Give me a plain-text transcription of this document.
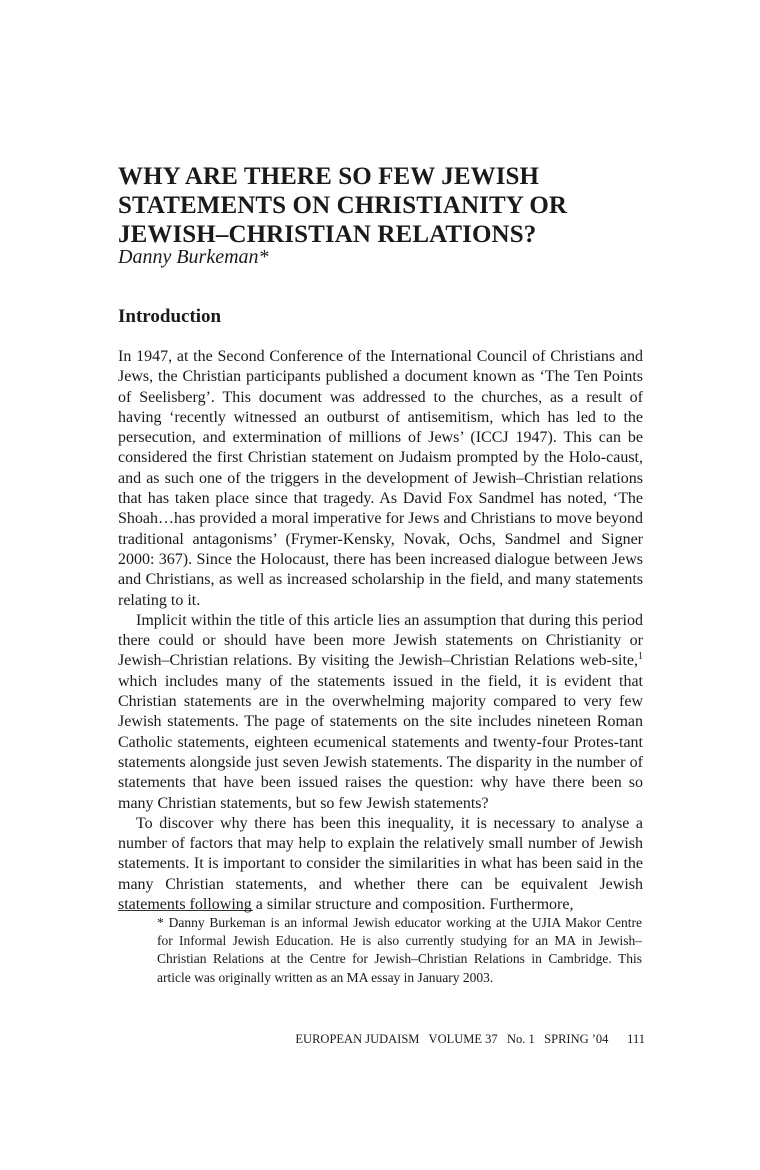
WHY ARE THERE SO FEW JEWISH
STATEMENTS ON CHRISTIANITY OR
JEWISH–CHRISTIAN RELATIONS?
Danny Burkeman*
Introduction

In 1947, at the Second Conference of the International Council of Christians and Jews, the Christian participants published a document known as ‘The Ten Points of Seelisberg’. This document was addressed to the churches, as a result of having ‘recently witnessed an outburst of antisemitism, which has led to the persecution, and extermination of millions of Jews’ (ICCJ 1947). This can be considered the first Christian statement on Judaism prompted by the Holo-caust, and as such one of the triggers in the development of Jewish–Christian relations that has taken place since that tragedy. As David Fox Sandmel has noted, ‘The Shoah…has provided a moral imperative for Jews and Christians to move beyond traditional antagonisms’ (Frymer-Kensky, Novak, Ochs, Sandmel and Signer 2000: 367). Since the Holocaust, there has been increased dialogue between Jews and Christians, as well as increased scholarship in the field, and many statements relating to it.

Implicit within the title of this article lies an assumption that during this period there could or should have been more Jewish statements on Christianity or Jewish–Christian relations. By visiting the Jewish–Christian Relations web-site,$^1$ which includes many of the statements issued in the field, it is evident that Christian statements are in the overwhelming majority compared to very few Jewish statements. The page of statements on the site includes nineteen Roman Catholic statements, eighteen ecumenical statements and twenty-four Protes-tant statements alongside just seven Jewish statements. The disparity in the number of statements that have been issued raises the question: why have there been so many Christian statements, but so few Jewish statements?

To discover why there has been this inequality, it is necessary to analyse a number of factors that may help to explain the relatively small number of Jewish statements. It is important to consider the similarities in what has been said in the many Christian statements, and whether there can be equivalent Jewish statements following a similar structure and composition. Furthermore,

* Danny Burkeman is an informal Jewish educator working at the UJIA Makor Centre for Informal Jewish Education. He is also currently studying for an MA in Jewish–Christian Relations at the Centre for Jewish–Christian Relations in Cambridge. This article was originally written as an MA essay in January 2003.

EUROPEAN JUDAISM VOLUME 37 No. 1 SPRING ’04 111
